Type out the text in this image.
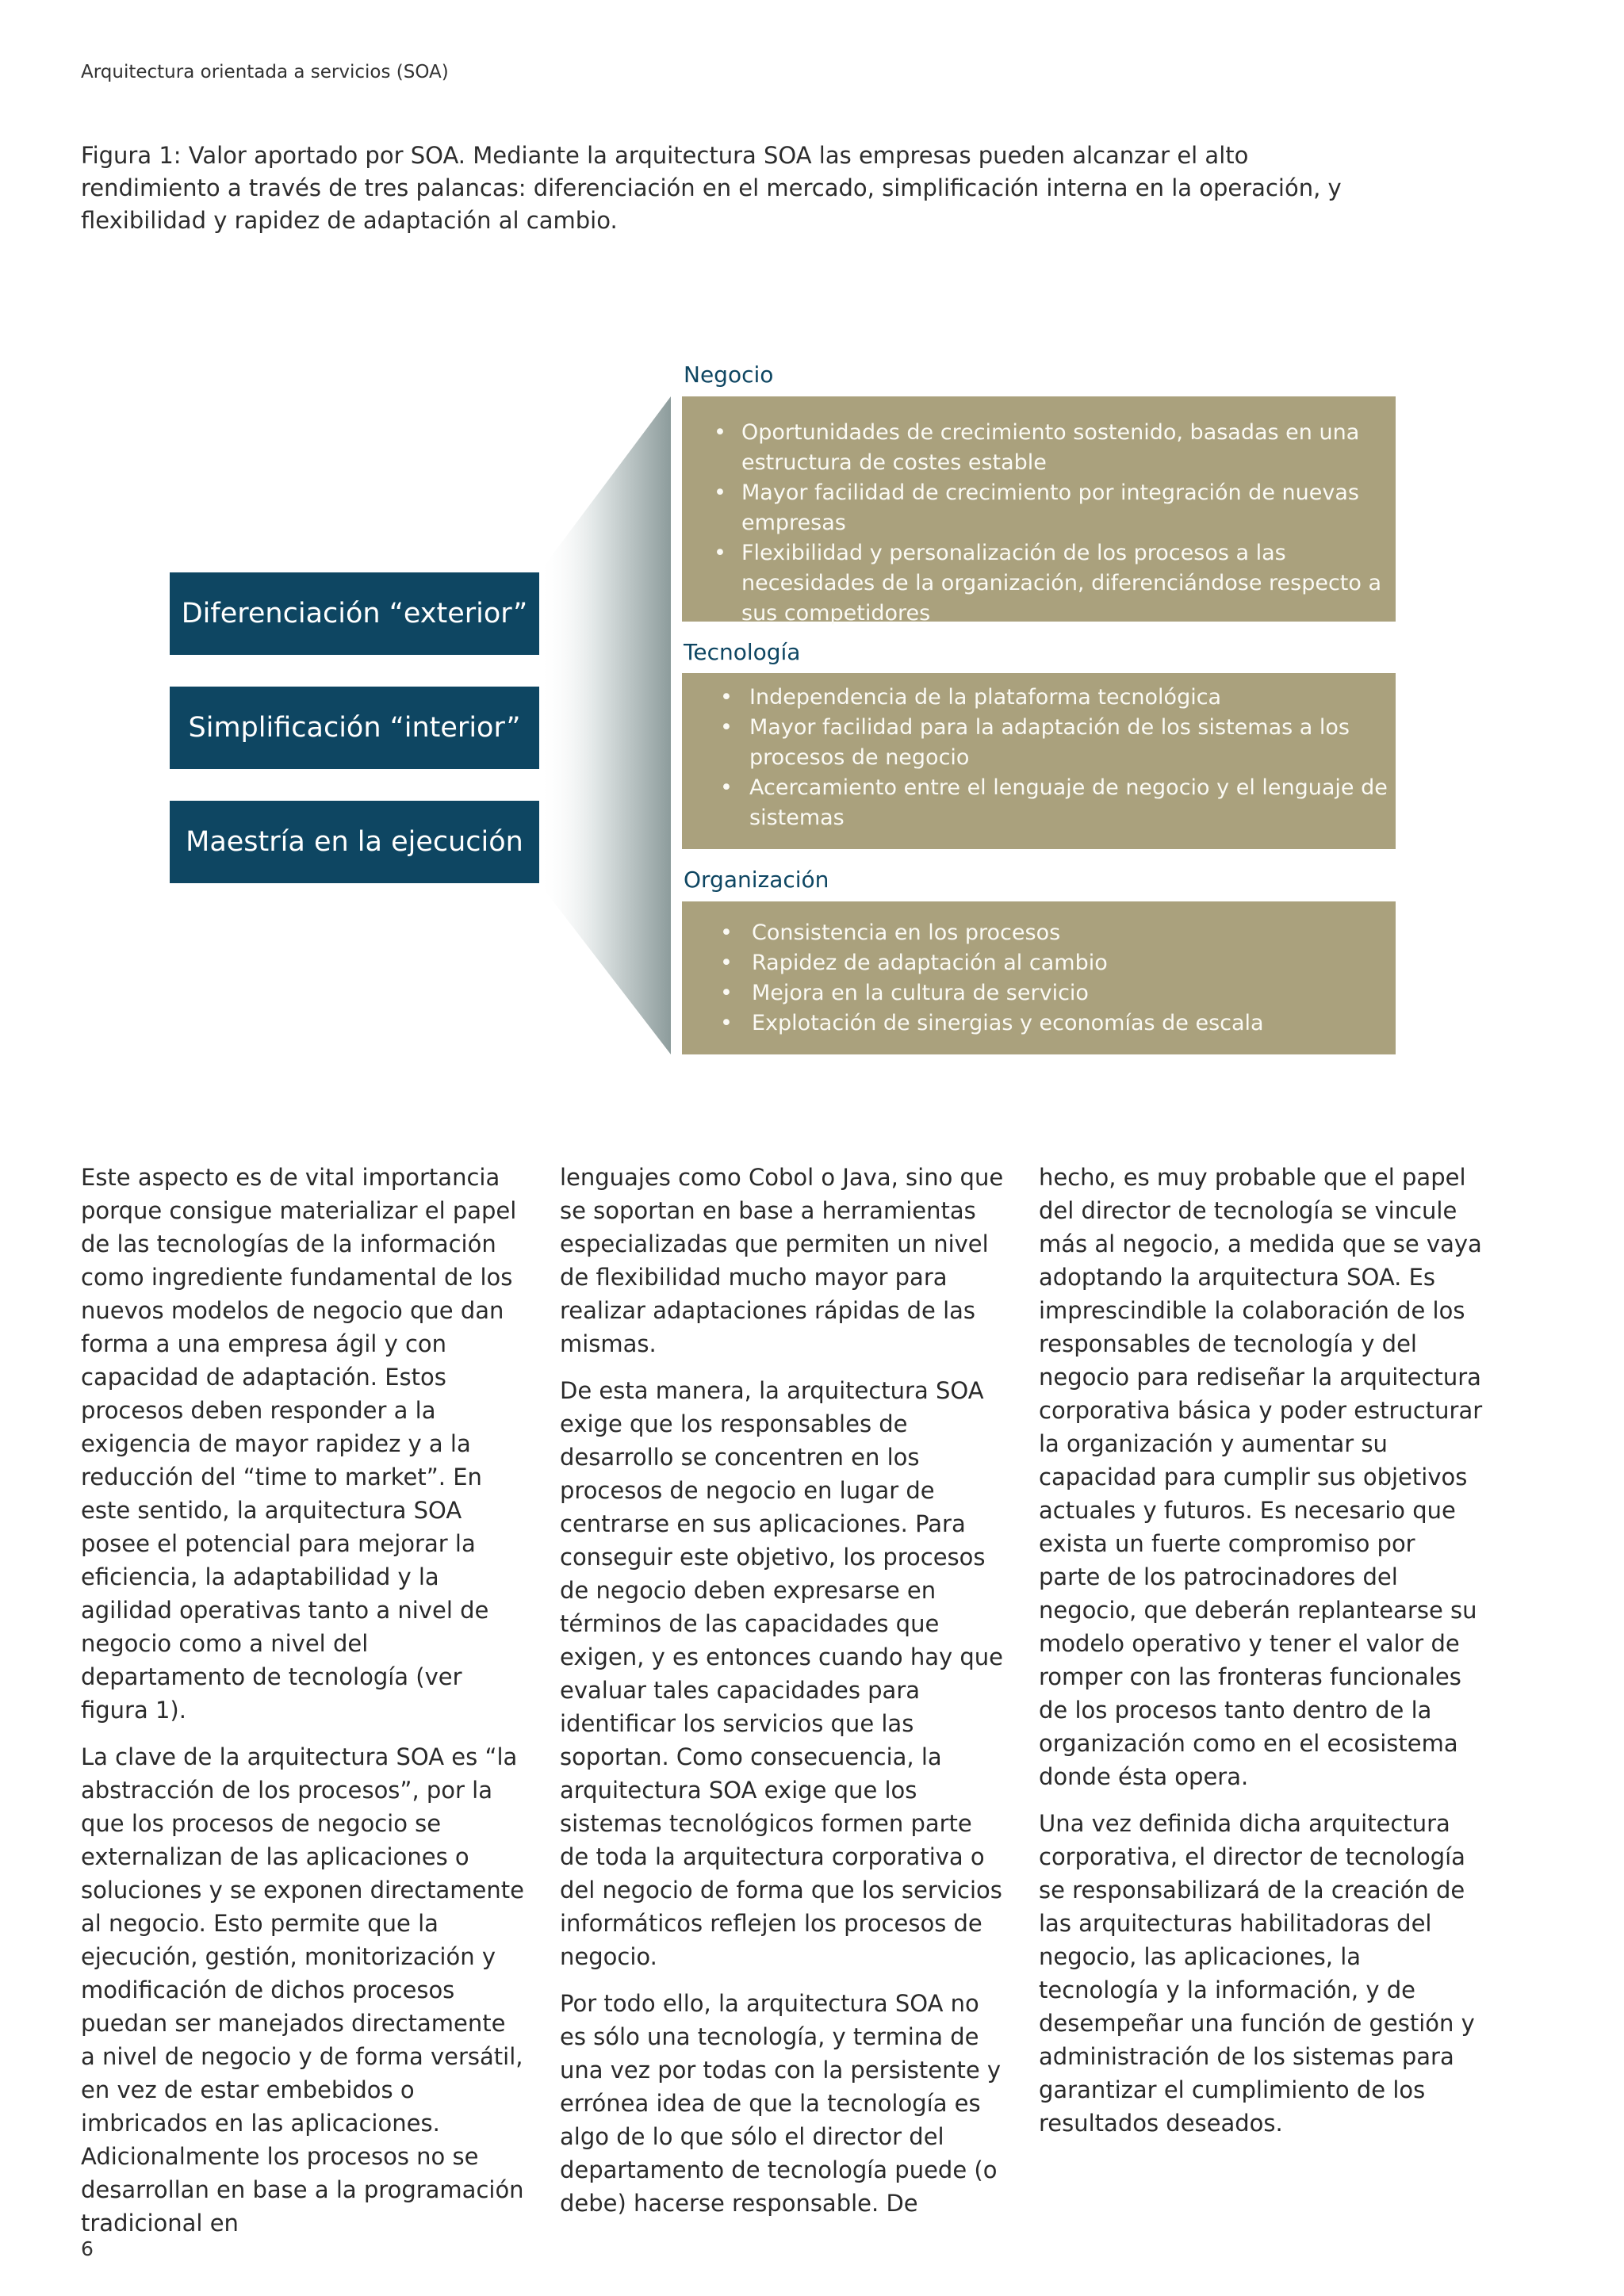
Arquitectura orientada a servicios (SOA)
Figura 1: Valor aportado por SOA. Mediante la arquitectura SOA las empresas pueden alcanzar el alto rendimiento a través de tres palancas: diferenciación en el mercado, simplificación interna en la operación, y flexibilidad y rapidez de adaptación al cambio.
Diferenciación “exterior”
Simplificación “interior”
Maestría en la ejecución
Negocio
• Oportunidades de crecimiento sostenido, basadas en una estructura de costes estable
• Mayor facilidad de crecimiento por integración de nuevas empresas
• Flexibilidad y personalización de los procesos a las necesidades de la organización, diferenciándose respecto a sus competidores
Tecnología
• Independencia de la plataforma tecnológica
• Mayor facilidad para la adaptación de los sistemas a los procesos de negocio
• Acercamiento entre el lenguaje de negocio y el lenguaje de sistemas
Organización
• Consistencia en los procesos
• Rapidez de adaptación al cambio
• Mejora en la cultura de servicio
• Explotación de sinergias y economías de escala

Este aspecto es de vital importancia porque consigue materializar el papel de las tecnologías de la información como ingrediente fundamental de los nuevos modelos de negocio que dan forma a una empresa ágil y con capacidad de adaptación. Estos procesos deben responder a la exigencia de mayor rapidez y a la reducción del “time to market”. En este sentido, la arquitectura SOA posee el potencial para mejorar la eficiencia, la adaptabilidad y la agilidad operativas tanto a nivel de negocio como a nivel del departamento de tecnología (ver figura 1).

La clave de la arquitectura SOA es “la abstracción de los procesos”, por la que los procesos de negocio se externalizan de las aplicaciones o soluciones y se exponen directamente al negocio. Esto permite que la ejecución, gestión, monitorización y modificación de dichos procesos puedan ser manejados directamente a nivel de negocio y de forma versátil, en vez de estar embebidos o imbricados en las aplicaciones. Adicionalmente los procesos no se desarrollan en base a la programación tradicional en

lenguajes como Cobol o Java, sino que se soportan en base a herramientas especializadas que permiten un nivel de flexibilidad mucho mayor para realizar adaptaciones rápidas de las mismas.

De esta manera, la arquitectura SOA exige que los responsables de desarrollo se concentren en los procesos de negocio en lugar de centrarse en sus aplicaciones. Para conseguir este objetivo, los procesos de negocio deben expresarse en términos de las capacidades que exigen, y es entonces cuando hay que evaluar tales capacidades para identificar los servicios que las soportan. Como consecuencia, la arquitectura SOA exige que los sistemas tecnológicos formen parte de toda la arquitectura corporativa o del negocio de forma que los servicios informáticos reflejen los procesos de negocio.

Por todo ello, la arquitectura SOA no es sólo una tecnología, y termina de una vez por todas con la persistente y errónea idea de que la tecnología es algo de lo que sólo el director del departamento de tecnología puede (o debe) hacerse responsable. De

hecho, es muy probable que el papel del director de tecnología se vincule más al negocio, a medida que se vaya adoptando la arquitectura SOA. Es imprescindible la colaboración de los responsables de tecnología y del negocio para rediseñar la arquitectura corporativa básica y poder estructurar la organización y aumentar su capacidad para cumplir sus objetivos actuales y futuros. Es necesario que exista un fuerte compromiso por parte de los patrocinadores del negocio, que deberán replantearse su modelo operativo y tener el valor de romper con las fronteras funcionales de los procesos tanto dentro de la organización como en el ecosistema donde ésta opera.

Una vez definida dicha arquitectura corporativa, el director de tecnología se responsabilizará de la creación de las arquitecturas habilitadoras del negocio, las aplicaciones, la tecnología y la información, y de desempeñar una función de gestión y administración de los sistemas para garantizar el cumplimiento de los resultados deseados.

6
